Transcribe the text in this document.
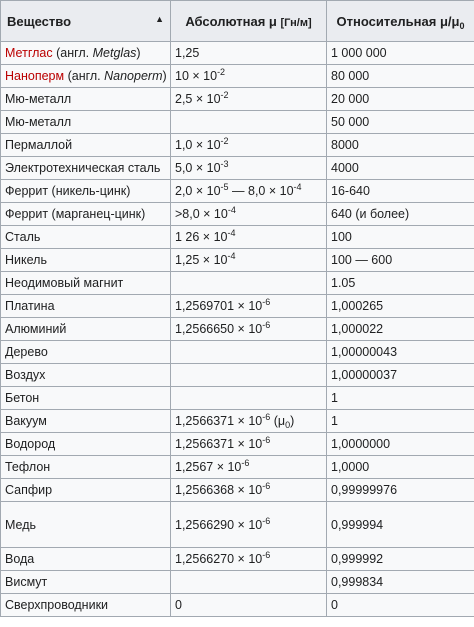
Вещество ▲	Абсолютная μ [Гн/м]	Относительная $\mu/\mu_0$
Метглас (англ. Metglas)	1,25	1 000 000
Наноперм (англ. Nanoperm)	$10 \times 10^{-2}$	80 000
Мю-металл	$2,5 \times 10^{-2}$	20 000
Мю-металл		50 000
Пермаллой	$1,0 \times 10^{-2}$	8000
Электротехническая сталь	$5,0 \times 10^{-3}$	4000
Феррит (никель-цинк)	$2,0 \times 10^{-5}$ — $8,0 \times 10^{-4}$	16-640
Феррит (марганец-цинк)	$>8,0 \times 10^{-4}$	640 (и более)
Сталь	1 $26 \times 10^{-4}$	100
Никель	$1,25 \times 10^{-4}$	100 — 600
Неодимовый магнит		1.05
Платина	$1,2569701 \times 10^{-6}$	1,000265
Алюминий	$1,2566650 \times 10^{-6}$	1,000022
Дерево		1,00000043
Воздух		1,00000037
Бетон		1
Вакуум	$1,2566371 \times 10^{-6}$ $(\mu_0)$	1
Водород	$1,2566371 \times 10^{-6}$	1,0000000
Тефлон	$1,2567 \times 10^{-6}$	1,0000
Сапфир	$1,2566368 \times 10^{-6}$	0,99999976
Медь	$1,2566290 \times 10^{-6}$	0,999994
Вода	$1,2566270 \times 10^{-6}$	0,999992
Висмут		0,999834
Сверхпроводники	0	0
